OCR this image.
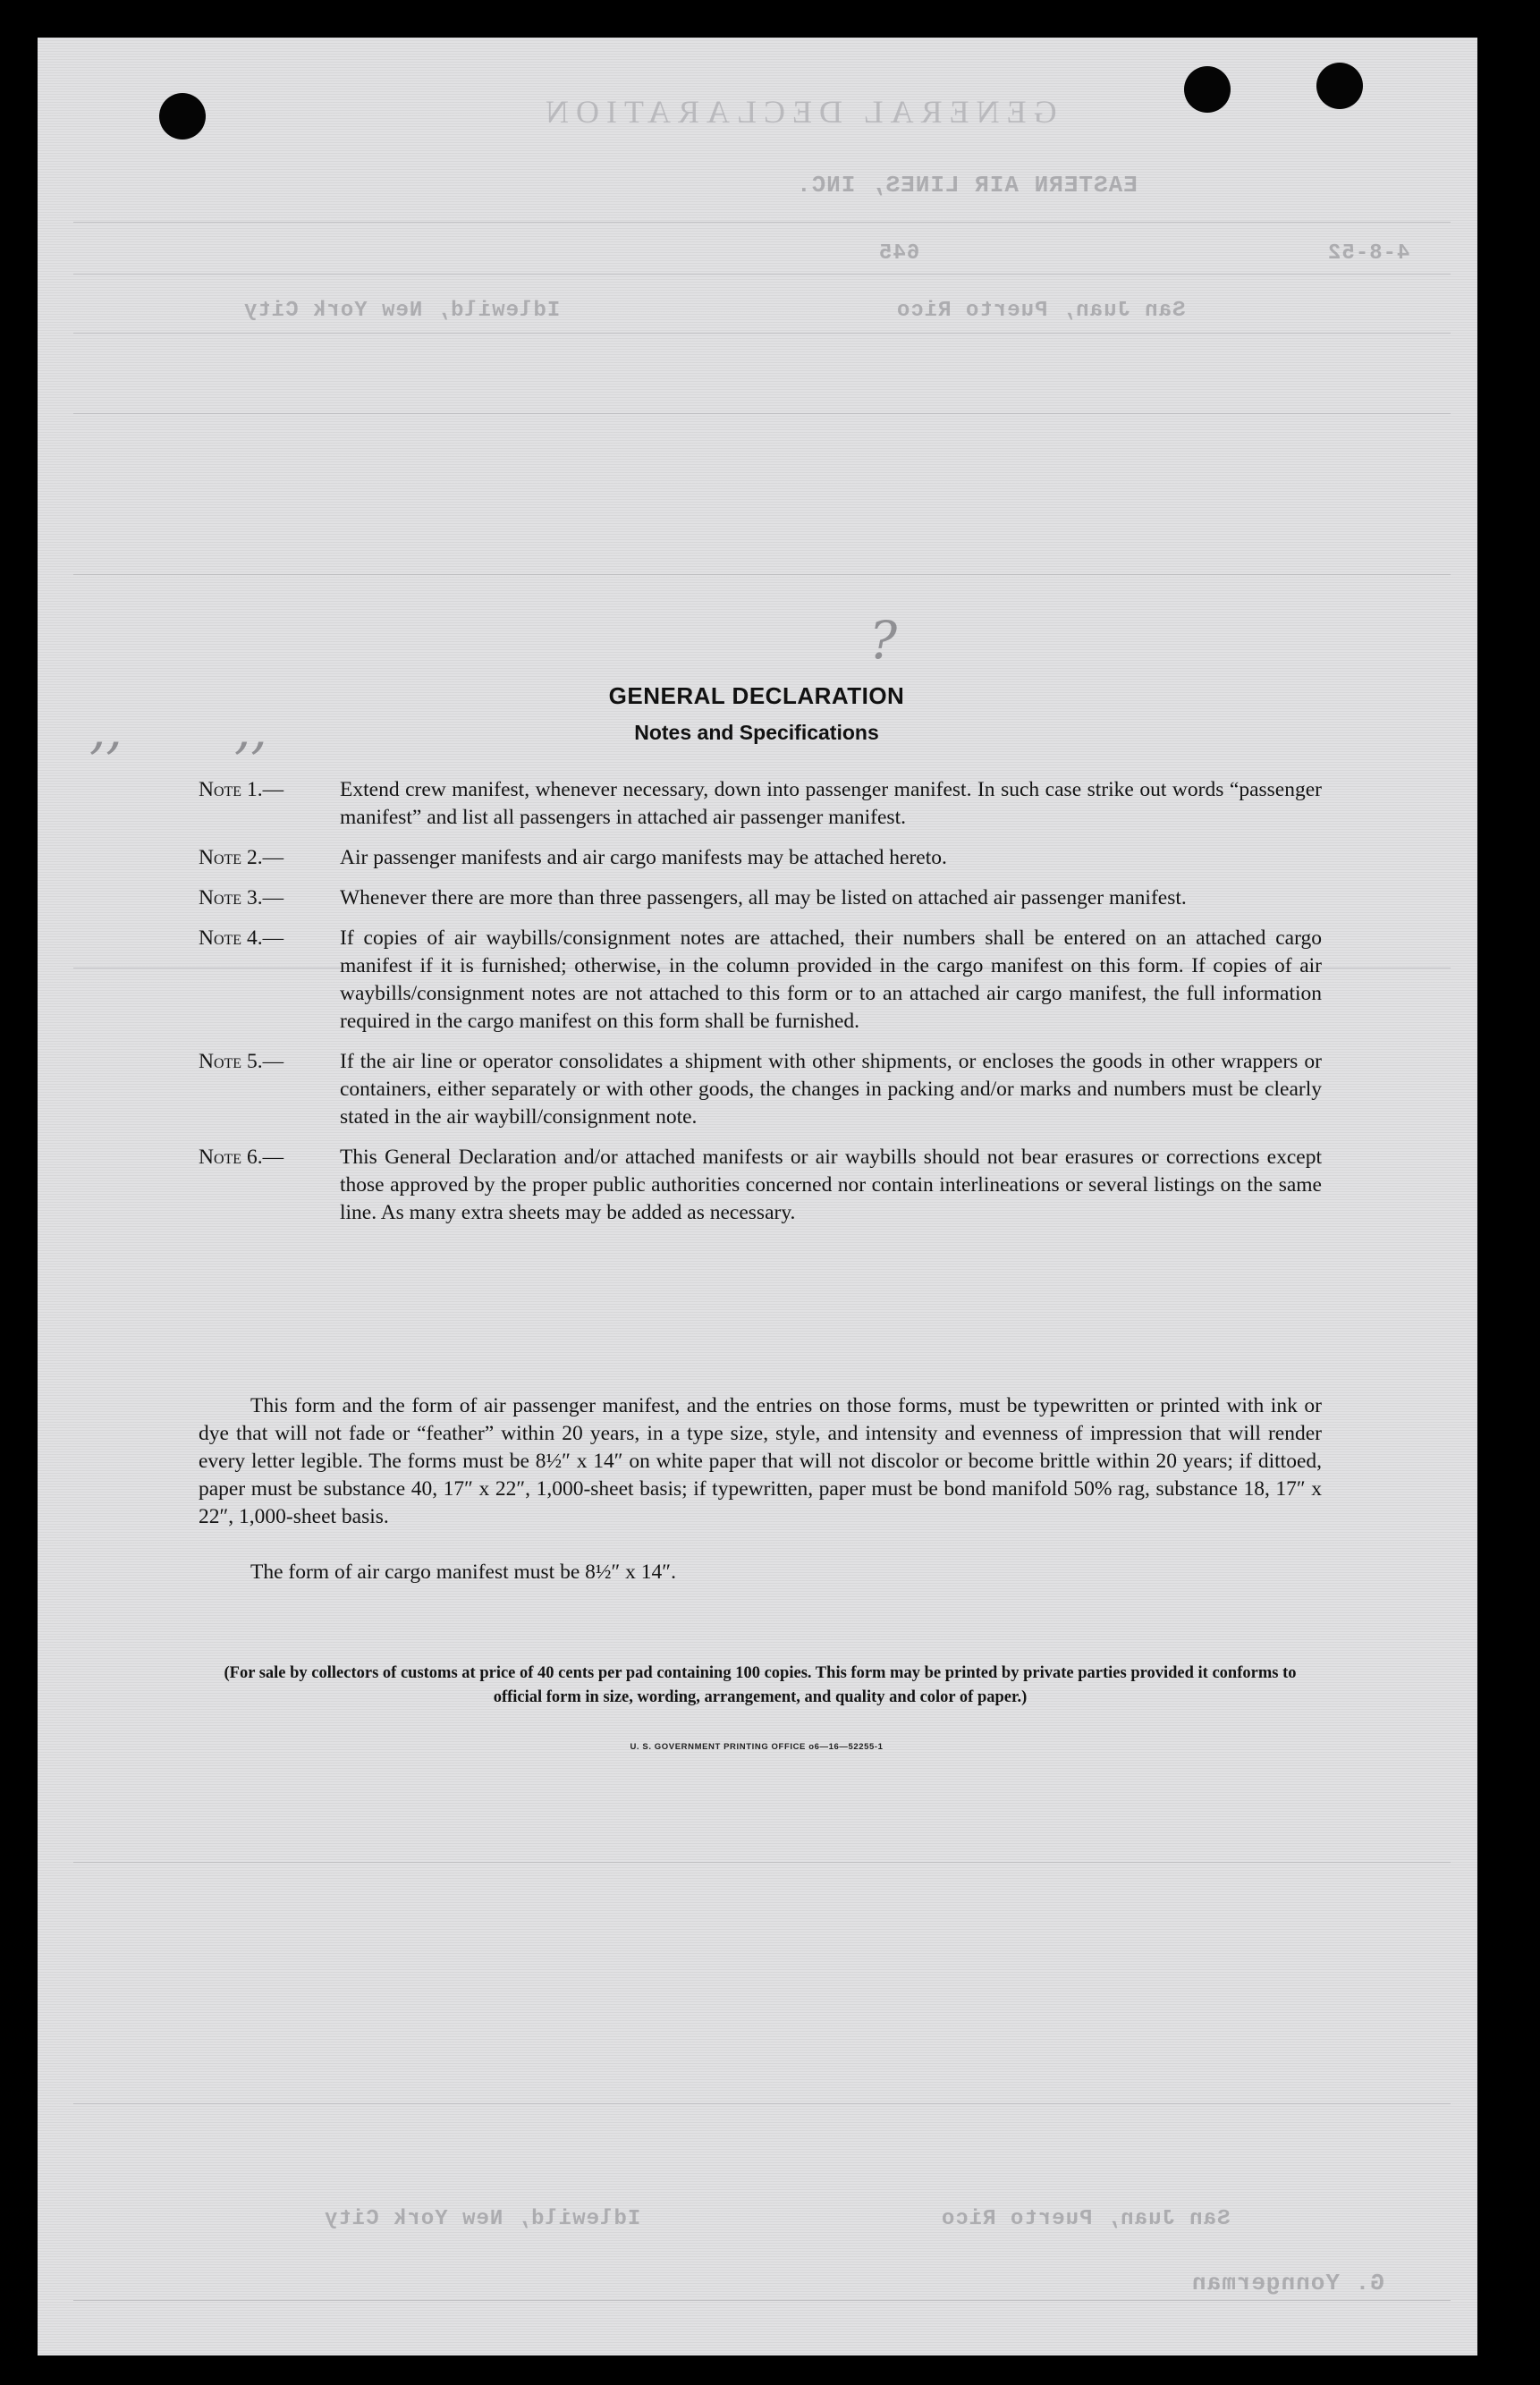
GENERAL DECLARATION
EASTERN AIR LINES, INC.
645	4-8-52
San Juan, Puerto Rico
Idlewild, New York City
San Juan, Puerto Rico
Idlewild, New York City
G. Yonngerman
?
,, ,,
GENERAL DECLARATION
Notes and Specifications
Note 1.—	Extend crew manifest, whenever necessary, down into passenger manifest. In such case strike out words “passenger manifest” and list all passengers in attached air passenger manifest.
Note 2.—	Air passenger manifests and air cargo manifests may be attached hereto.
Note 3.—	Whenever there are more than three passengers, all may be listed on attached air passenger manifest.
Note 4.—	If copies of air waybills/consignment notes are attached, their numbers shall be entered on an attached cargo manifest if it is furnished; otherwise, in the column provided in the cargo manifest on this form. If copies of air waybills/consignment notes are not attached to this form or to an attached air cargo manifest, the full information required in the cargo manifest on this form shall be furnished.
Note 5.—	If the air line or operator consolidates a shipment with other shipments, or encloses the goods in other wrappers or containers, either separately or with other goods, the changes in packing and/or marks and numbers must be clearly stated in the air waybill/consignment note.
Note 6.—	This General Declaration and/or attached manifests or air waybills should not bear erasures or corrections except those approved by the proper public authorities concerned nor contain interlineations or several listings on the same line. As many extra sheets may be added as necessary.
This form and the form of air passenger manifest, and the entries on those forms, must be typewritten or printed with ink or dye that will not fade or “feather” within 20 years, in a type size, style, and intensity and evenness of impression that will render every letter legible. The forms must be 8½″ x 14″ on white paper that will not discolor or become brittle within 20 years; if dittoed, paper must be substance 40, 17″ x 22″, 1,000-sheet basis; if typewritten, paper must be bond manifold 50% rag, substance 18, 17″ x 22″, 1,000-sheet basis.
The form of air cargo manifest must be 8½″ x 14″.
(For sale by collectors of customs at price of 40 cents per pad containing 100 copies. This form may be printed by private parties provided it conforms to official form in size, wording, arrangement, and quality and color of paper.)
U. S. GOVERNMENT PRINTING OFFICE o6—16—52255-1
